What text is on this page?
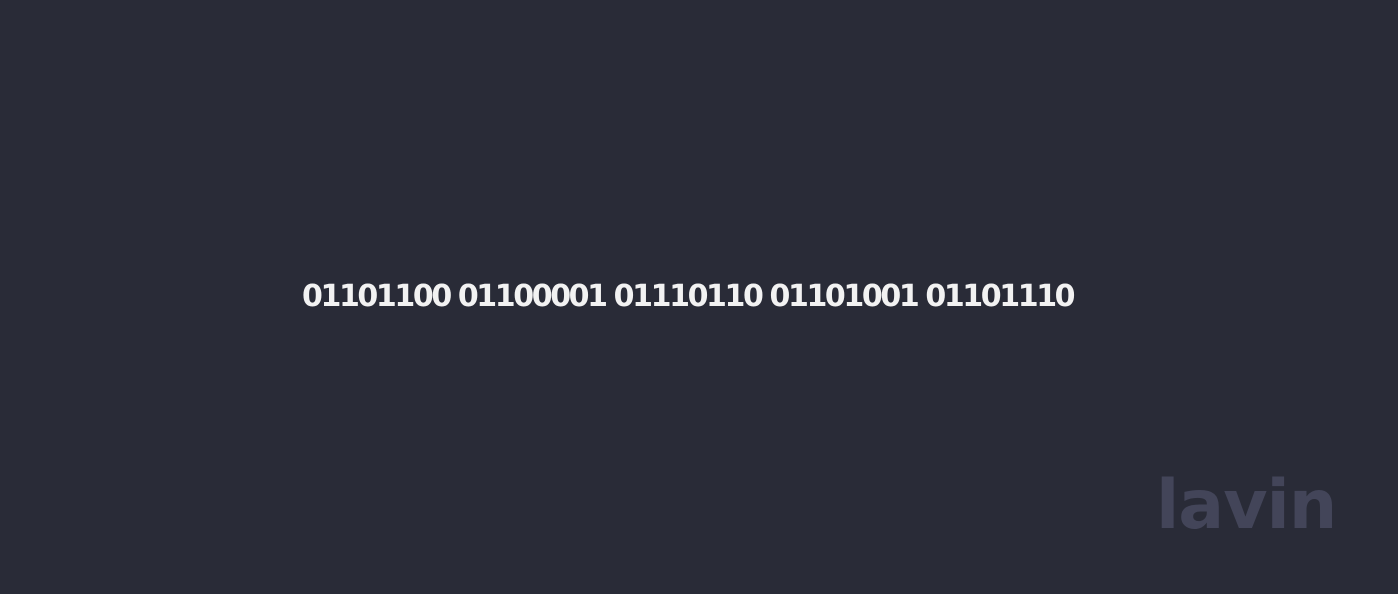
01101100 01100001 01110110 01101001 01101110

lavin
